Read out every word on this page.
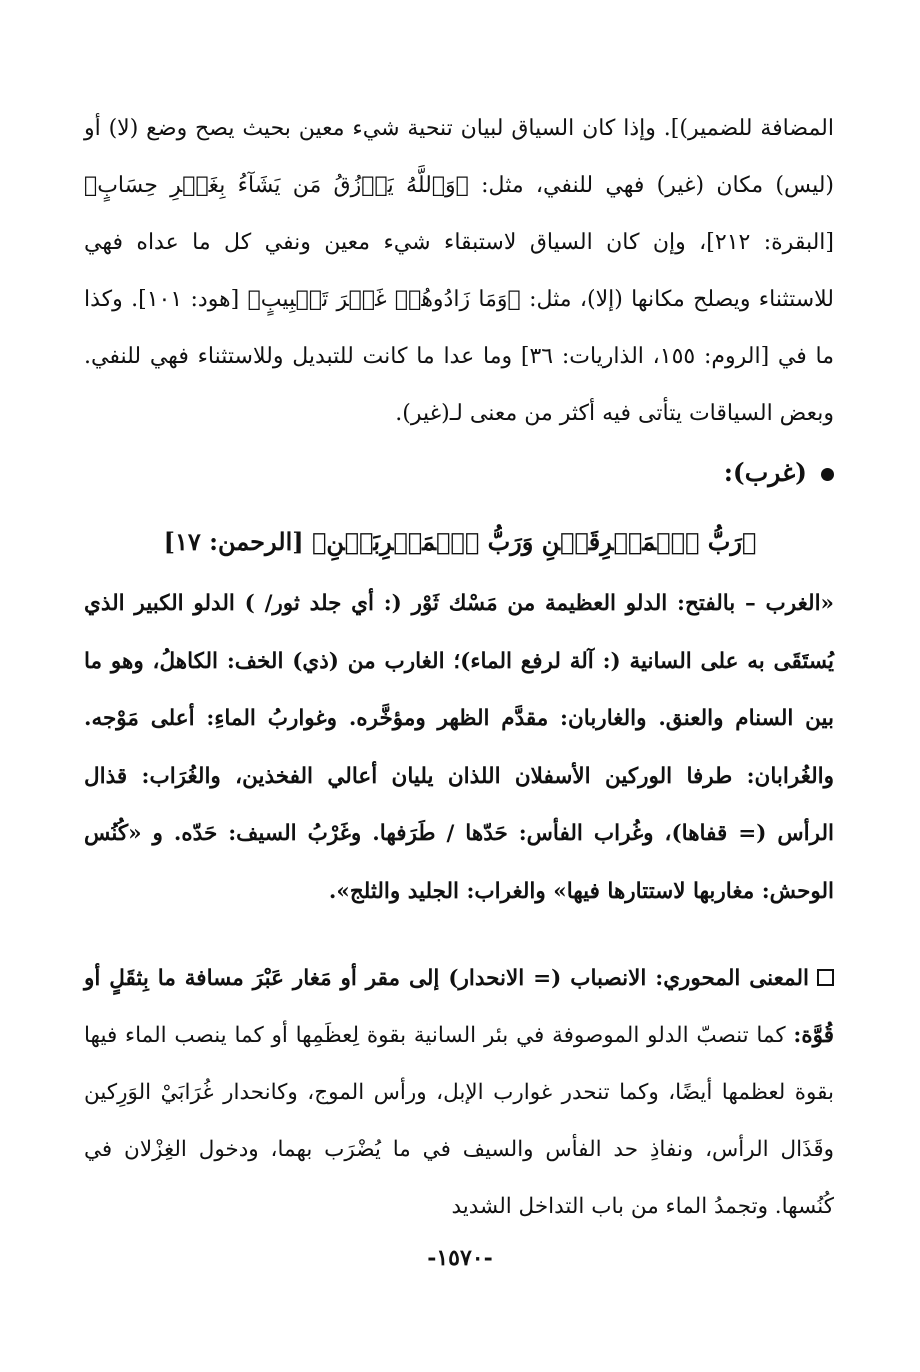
المضافة للضمير)]. وإذا كان السياق لبيان تنحية شيء معين بحيث يصح وضع (لا) أو (ليس) مكان (غير) فهي للنفي، مثل: ﴿وَٱللَّهُ يَرۡزُقُ مَن يَشَآءُ بِغَيۡرِ حِسَابٍ﴾ [البقرة: ٢١٢]، وإن كان السياق لاستبقاء شيء معين ونفي كل ما عداه فهي للاستثناء ويصلح مكانها (إلا)، مثل: ﴿وَمَا زَادُوهُمۡ غَيۡرَ تَتۡبِيبٍ﴾ [هود: ١٠١]. وكذا ما في [الروم: ١٥٥، الذاريات: ٣٦] وما عدا ما كانت للتبديل وللاستثناء فهي للنفي. وبعض السياقات يتأتى فيه أكثر من معنى لـ(غير).

(غرب):

﴿رَبُّ ٱلۡمَشۡرِقَيۡنِ وَرَبُّ ٱلۡمَغۡرِبَيۡنِ﴾ [الرحمن: ١٧]

«الغرب – بالفتح: الدلو العظيمة من مَسْك ثَوْر (: أي جلد ثور/ ) الدلو الكبير الذي يُستَقَى به على السانية (: آلة لرفع الماء)؛ الغارب من (ذي) الخف: الكاهلُ، وهو ما بين السنام والعنق. والغاربان: مقدَّم الظهر ومؤخَّره. وغواربُ الماءِ: أعلى مَوْجه. والغُرابان: طرفا الوركين الأسفلان اللذان يليان أعالي الفخذين، والغُرَاب: قذال الرأس (= قفاها)، وغُراب الفأس: حَدّها / طَرَفها. وغَرْبُ السيف: حَدّه. و «كُنُس الوحش: مغاربها لاستتارها فيها» والغراب: الجليد والثلج».

المعنى المحوري: الانصباب (= الانحدار) إلى مقر أو مَغار عَبْرَ مسافة ما بِثقَلٍ أو قُوَّة: كما تنصبّ الدلو الموصوفة في بئر السانية بقوة لِعظَمِها أو كما ينصب الماء فيها بقوة لعظمها أيضًا، وكما تنحدر غوارب الإبل، ورأس الموج، وكانحدار غُرَابَيْ الوَرِكين وقَذَال الرأس، ونفاذِ حد الفأس والسيف في ما يُضْرَب بهما، ودخول الغِزْلان في كُنُسها. وتجمدُ الماء من باب التداخل الشديد

-١٥٧٠-
